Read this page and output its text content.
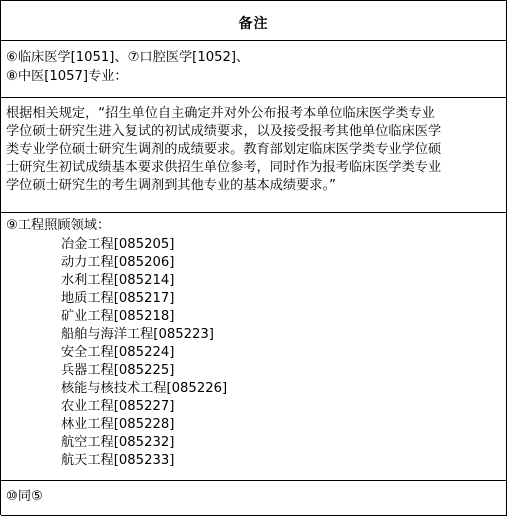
备注
⑥临床医学[1051]、⑦口腔医学[1052]、
⑧中医[1057]专业：
根据相关规定，“招生单位自主确定并对外公布报考本单位临床医学类专业
学位硕士研究生进入复试的初试成绩要求，以及接受报考其他单位临床医学
类专业学位硕士研究生调剂的成绩要求。教育部划定临床医学类专业学位硕
士研究生初试成绩基本要求供招生单位参考，同时作为报考临床医学类专业
学位硕士研究生的考生调剂到其他专业的基本成绩要求。”
⑨工程照顾领域：
冶金工程[085205]
动力工程[085206]
水利工程[085214]
地质工程[085217]
矿业工程[085218]
船舶与海洋工程[085223]
安全工程[085224]
兵器工程[085225]
核能与核技术工程[085226]
农业工程[085227]
林业工程[085228]
航空工程[085232]
航天工程[085233]
⑩同⑤
